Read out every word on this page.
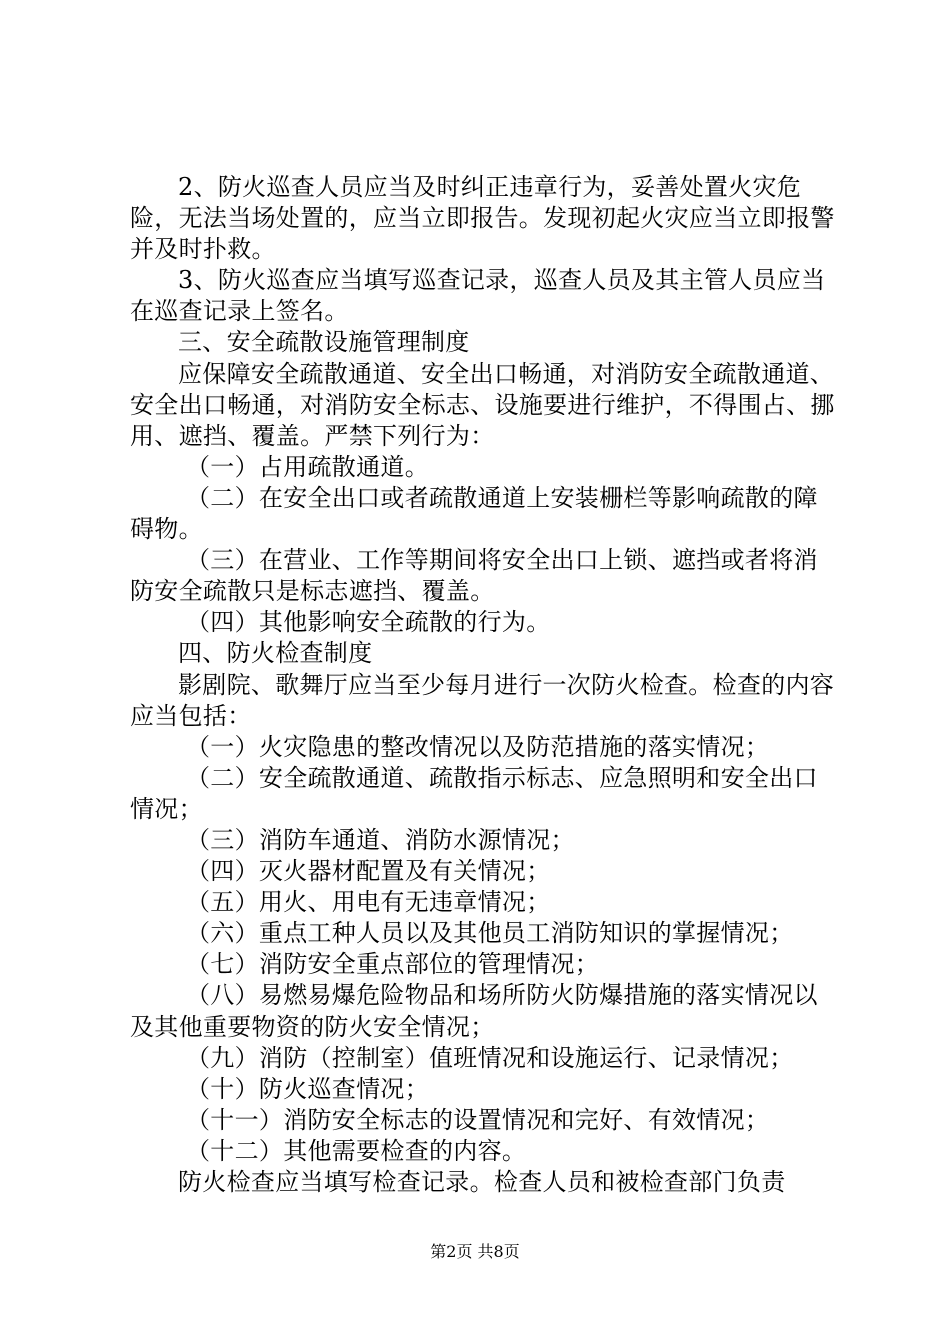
2、防火巡查人员应当及时纠正违章行为，妥善处置火灾危险，无法当场处置的，应当立即报告。发现初起火灾应当立即报警并及时扑救。

3、防火巡查应当填写巡查记录，巡查人员及其主管人员应当在巡查记录上签名。

三、安全疏散设施管理制度

应保障安全疏散通道、安全出口畅通，对消防安全疏散通道、安全出口畅通，对消防安全标志、设施要进行维护，不得围占、挪用、遮挡、覆盖。严禁下列行为：

（一）占用疏散通道。

（二）在安全出口或者疏散通道上安装栅栏等影响疏散的障碍物。

（三）在营业、工作等期间将安全出口上锁、遮挡或者将消防安全疏散只是标志遮挡、覆盖。

（四）其他影响安全疏散的行为。

四、防火检查制度

影剧院、歌舞厅应当至少每月进行一次防火检查。检查的内容应当包括：

（一）火灾隐患的整改情况以及防范措施的落实情况；

（二）安全疏散通道、疏散指示标志、应急照明和安全出口情况；

（三）消防车通道、消防水源情况；

（四）灭火器材配置及有关情况；

（五）用火、用电有无违章情况；

（六）重点工种人员以及其他员工消防知识的掌握情况；

（七）消防安全重点部位的管理情况；

（八）易燃易爆危险物品和场所防火防爆措施的落实情况以及其他重要物资的防火安全情况；

（九）消防（控制室）值班情况和设施运行、记录情况；

（十）防火巡查情况；

（十一）消防安全标志的设置情况和完好、有效情况；

（十二）其他需要检查的内容。

防火检查应当填写检查记录。检查人员和被检查部门负责

第2页 共8页
